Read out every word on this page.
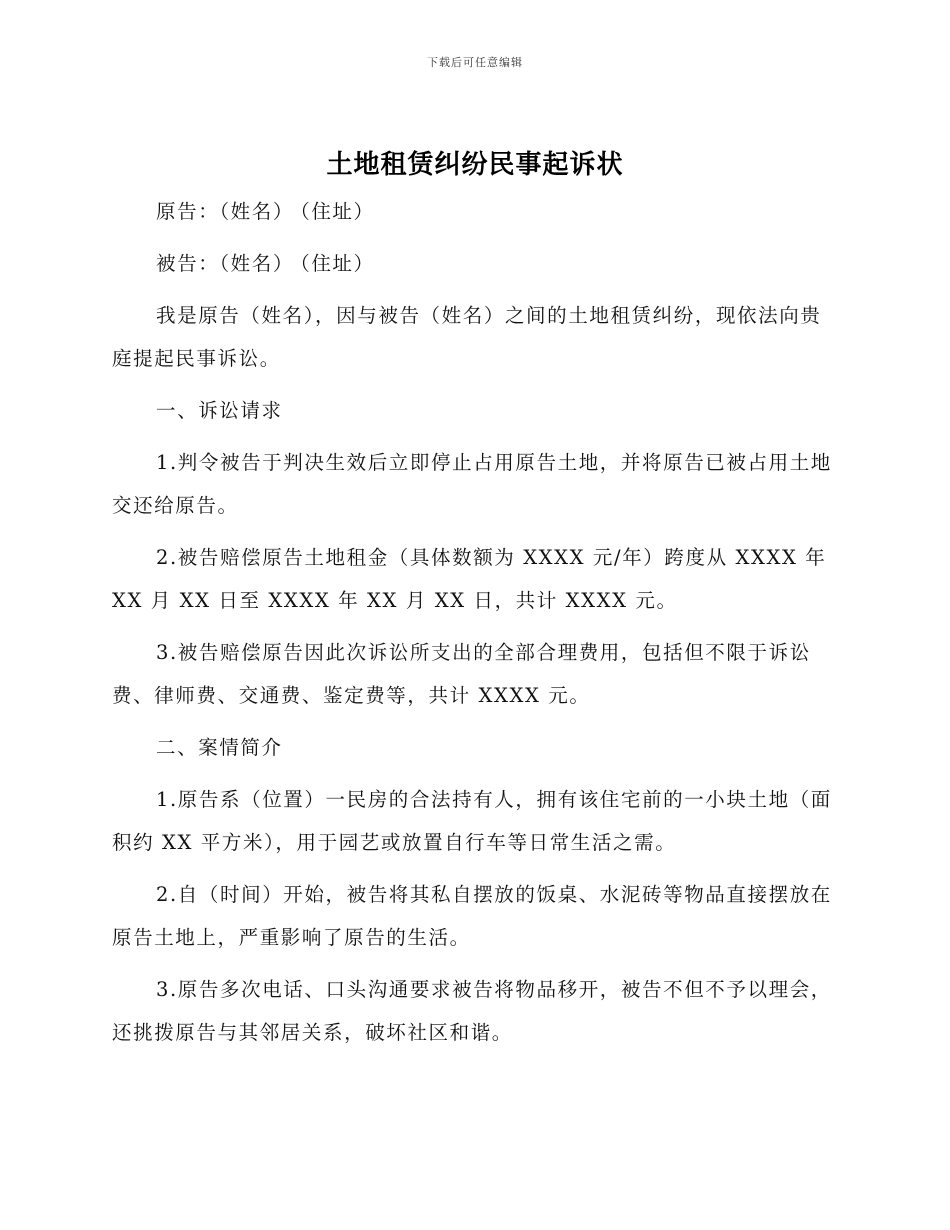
下载后可任意编辑
土地租赁纠纷民事起诉状

原告：（姓名） （住址）

被告：（姓名） （住址）

我是原告（姓名），因与被告（姓名）之间的土地租赁纠纷，现依法向贵庭提起民事诉讼。

一、诉讼请求

1.判令被告于判决生效后立即停止占用原告土地，并将原告已被占用土地交还给原告。

2.被告赔偿原告土地租金（具体数额为 XXXX 元/年）跨度从 XXXX 年 XX 月 XX 日至 XXXX 年 XX 月 XX 日，共计 XXXX 元。

3.被告赔偿原告因此次诉讼所支出的全部合理费用，包括但不限于诉讼费、律师费、交通费、鉴定费等，共计 XXXX 元。

二、案情简介

1.原告系（位置）一民房的合法持有人，拥有该住宅前的一小块土地（面积约 XX 平方米），用于园艺或放置自行车等日常生活之需。

2.自（时间）开始，被告将其私自摆放的饭桌、水泥砖等物品直接摆放在原告土地上，严重影响了原告的生活。

3.原告多次电话、口头沟通要求被告将物品移开，被告不但不予以理会，还挑拨原告与其邻居关系，破坏社区和谐。
